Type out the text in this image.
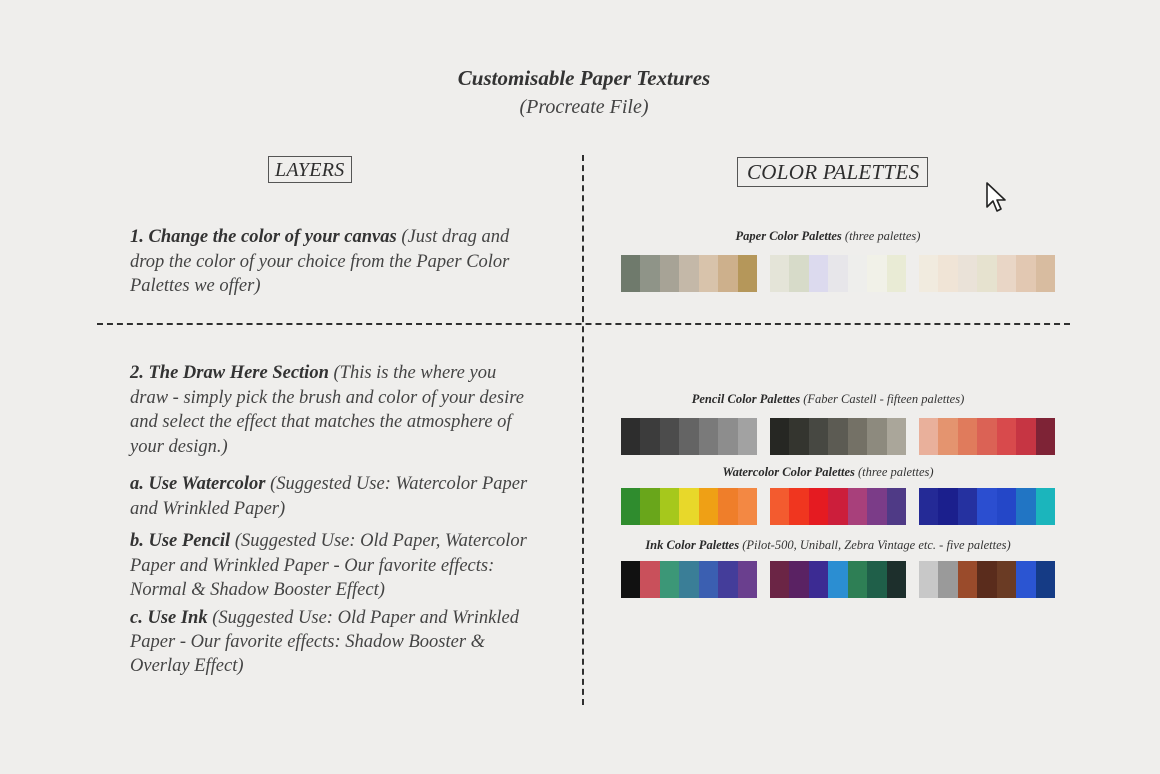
Customisable Paper Textures
(Procreate File)
LAYERS	COLOR PALETTES
1. Change the color of your canvas (Just drag and drop the color of your choice from the Paper Color Palettes we offer)
2. The Draw Here Section (This is the where you draw - simply pick the brush and color of your desire and select the effect that matches the atmosphere of your design.)
a. Use Watercolor (Suggested Use: Watercolor Paper and Wrinkled Paper)
b. Use Pencil (Suggested Use: Old Paper, Watercolor Paper and Wrinkled Paper - Our favorite effects: Normal & Shadow Booster Effect)
c. Use Ink (Suggested Use: Old Paper and Wrinkled Paper - Our favorite effects: Shadow Booster & Overlay Effect)
Paper Color Palettes (three palettes)
Pencil Color Palettes (Faber Castell - fifteen palettes)
Watercolor Color Palettes (three palettes)
Ink Color Palettes (Pilot-500, Uniball, Zebra Vintage etc. - five palettes)
